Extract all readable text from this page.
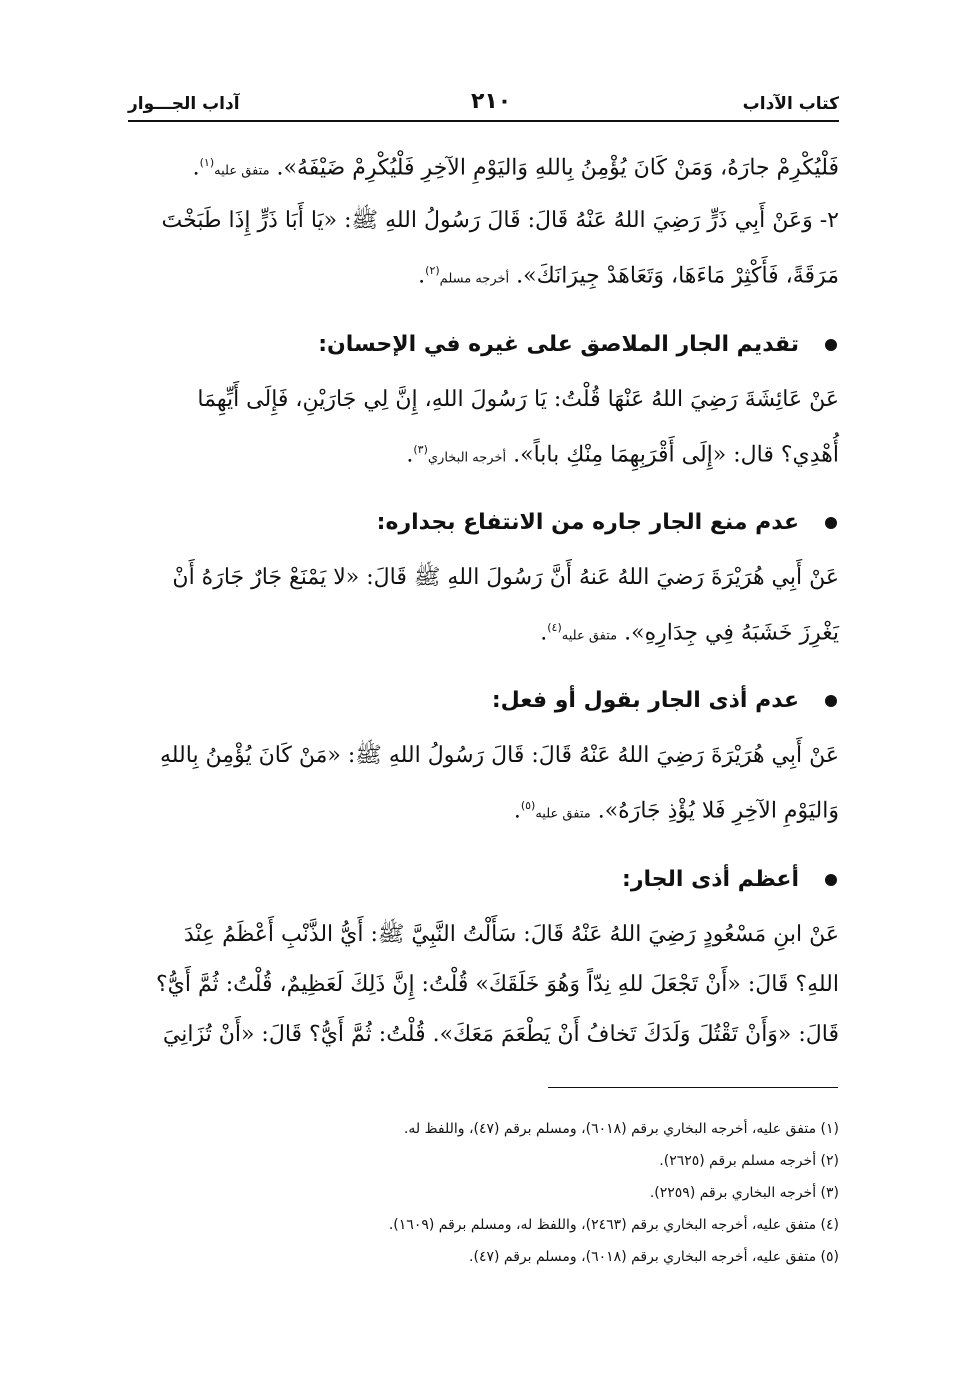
كتاب الآداب
٢١٠
آداب الجـــوار

فَلْيُكْرِمْ جارَهُ، وَمَنْ كَانَ يُؤْمِنُ بِاللهِ وَاليَوْمِ الآخِرِ فَلْيُكْرِمْ ضَيْفَهُ». متفق عليه$^{(١)}$.

٢- وَعَنْ أَبِي ذَرٍّ رَضِيَ اللهُ عَنْهُ قَالَ: قَالَ رَسُولُ اللهِ ﷺ: «يَا أَبَا ذَرٍّ إِذَا طَبَخْتَ

مَرَقَةً، فَأَكْثِرْ مَاءَهَا، وَتَعَاهَدْ جِيرَانَكَ». أخرجه مسلم$^{(٢)}$.

تقديم الجار الملاصق على غيره في الإحسان:

عَنْ عَائِشَةَ رَضِيَ اللهُ عَنْهَا قُلْتُ: يَا رَسُولَ اللهِ، إِنَّ لِي جَارَيْنِ، فَإِلَى أَيِّهِمَا

أُهْدِي؟ قال: «إِلَى أَقْرَبِهِمَا مِنْكِ باباً». أخرجه البخاري$^{(٣)}$.

عدم منع الجار جاره من الانتفاع بجداره:

عَنْ أَبِي هُرَيْرَةَ رَضيَ اللهُ عَنهُ أَنَّ رَسُولَ اللهِ ﷺ قَالَ: «لا يَمْنَعْ جَارٌ جَارَهُ أَنْ

يَغْرِزَ خَشَبَهُ فِي جِدَارِهِ». متفق عليه$^{(٤)}$.

عدم أذى الجار بقول أو فعل:

عَنْ أَبِي هُرَيْرَةَ رَضِيَ اللهُ عَنْهُ قَالَ: قَالَ رَسُولُ اللهِ ﷺ: «مَنْ كَانَ يُؤْمِنُ بِاللهِ

وَاليَوْمِ الآخِرِ فَلا يُؤْذِ جَارَهُ». متفق عليه$^{(٥)}$.

أعظم أذى الجار:

عَنْ ابنِ مَسْعُودٍ رَضِيَ اللهُ عَنْهُ قَالَ: سَأَلْتُ النَّبِيَّ ﷺ: أَيُّ الذَّنْبِ أَعْظَمُ عِنْدَ

اللهِ؟ قَالَ: «أَنْ تَجْعَلَ للهِ نِدّاً وَهُوَ خَلَقَكَ» قُلْتُ: إِنَّ ذَلِكَ لَعَظِيمٌ، قُلْتُ: ثُمَّ أَيُّ؟

قَالَ: «وَأَنْ تَقْتُلَ وَلَدَكَ تَخافُ أَنْ يَطْعَمَ مَعَكَ». قُلْتُ: ثُمَّ أَيُّ؟ قَالَ: «أَنْ تُزَانِيَ

(١) متفق عليه، أخرجه البخاري برقم (٦٠١٨)، ومسلم برقم (٤٧)، واللفظ له.
(٢) أخرجه مسلم برقم (٢٦٢٥).
(٣) أخرجه البخاري برقم (٢٢٥٩).
(٤) متفق عليه، أخرجه البخاري برقم (٢٤٦٣)، واللفظ له، ومسلم برقم (١٦٠٩).
(٥) متفق عليه، أخرجه البخاري برقم (٦٠١٨)، ومسلم برقم (٤٧).
